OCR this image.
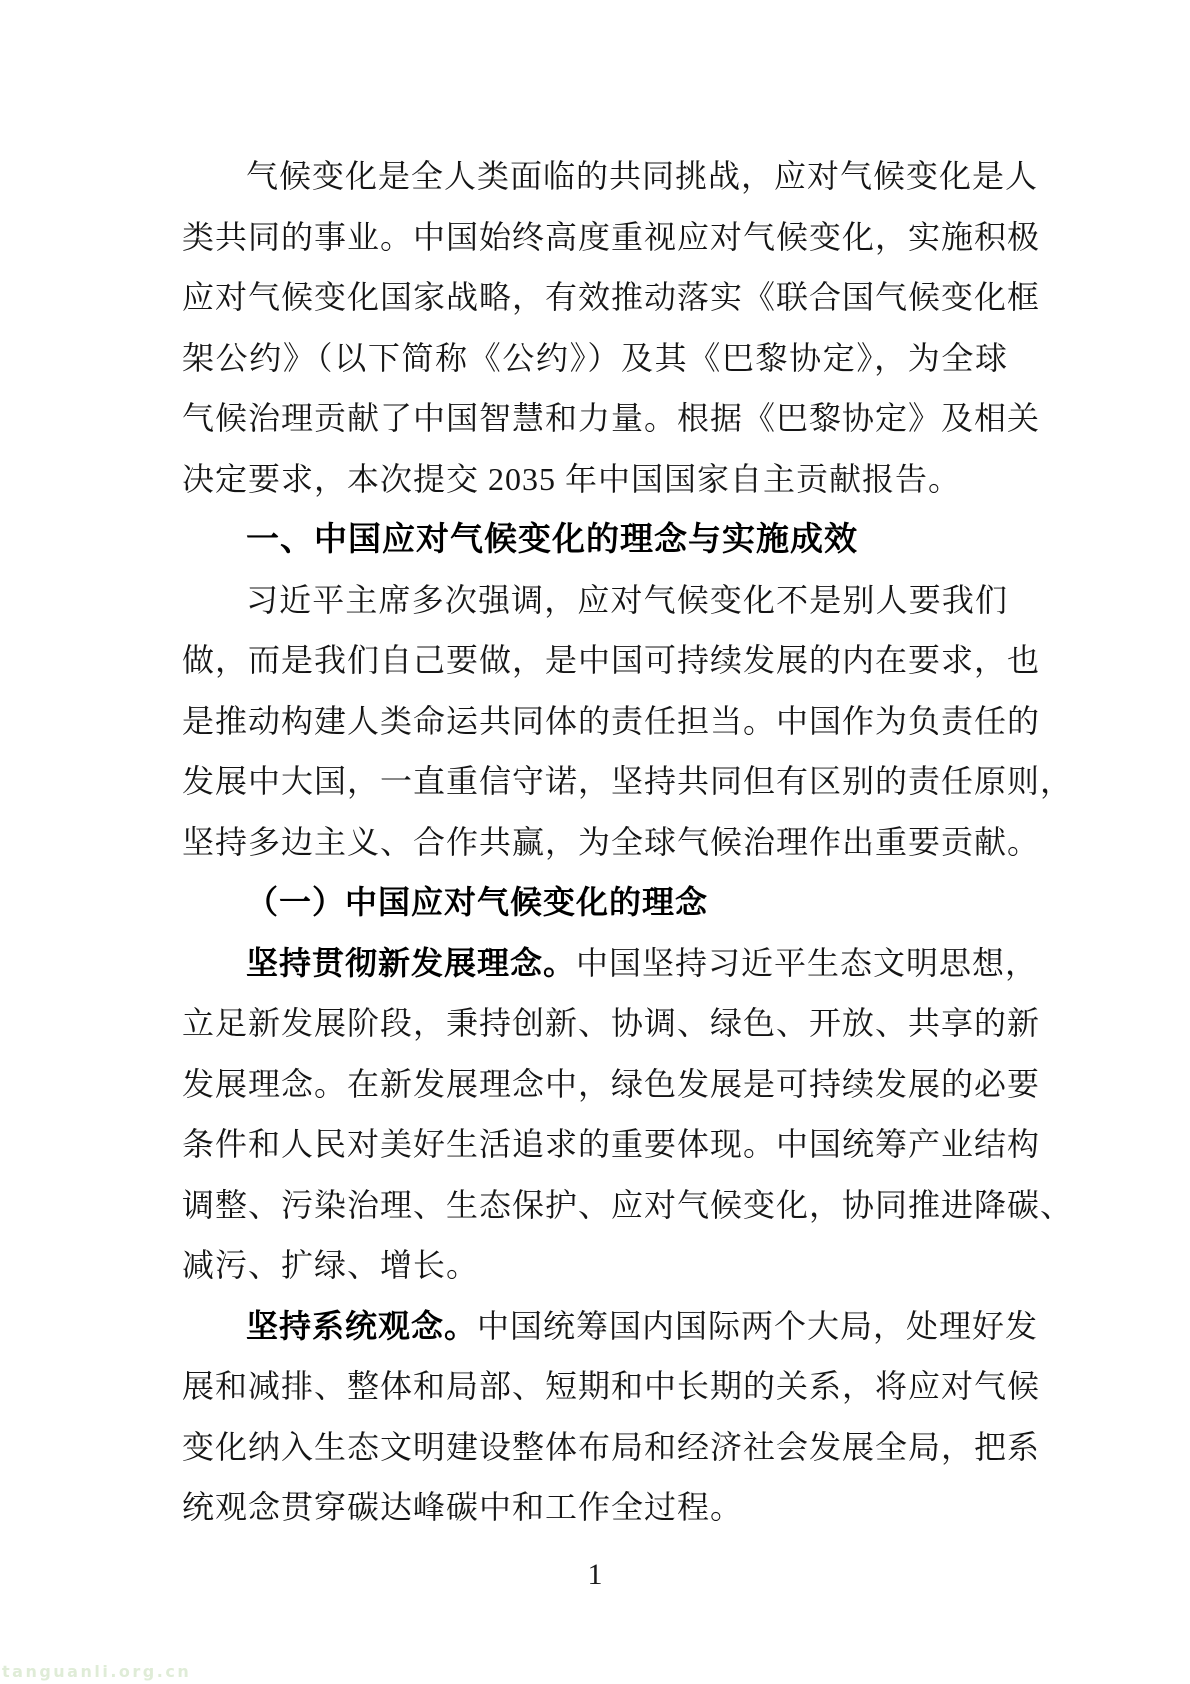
气候变化是全人类面临的共同挑战，应对气候变化是人
类共同的事业。中国始终高度重视应对气候变化，实施积极
应对气候变化国家战略，有效推动落实《联合国气候变化框
架公约》（以下简称《公约》）及其《巴黎协定》，为全球
气候治理贡献了中国智慧和力量。根据《巴黎协定》及相关
决定要求，本次提交 2035 年中国国家自主贡献报告。
一、中国应对气候变化的理念与实施成效
习近平主席多次强调，应对气候变化不是别人要我们
做，而是我们自己要做，是中国可持续发展的内在要求，也
是推动构建人类命运共同体的责任担当。中国作为负责任的
发展中大国，一直重信守诺，坚持共同但有区别的责任原则，
坚持多边主义、合作共赢，为全球气候治理作出重要贡献。
（一）中国应对气候变化的理念
坚持贯彻新发展理念。中国坚持习近平生态文明思想，
立足新发展阶段，秉持创新、协调、绿色、开放、共享的新
发展理念。在新发展理念中，绿色发展是可持续发展的必要
条件和人民对美好生活追求的重要体现。中国统筹产业结构
调整、污染治理、生态保护、应对气候变化，协同推进降碳、
减污、扩绿、增长。
坚持系统观念。中国统筹国内国际两个大局，处理好发
展和减排、整体和局部、短期和中长期的关系，将应对气候
变化纳入生态文明建设整体布局和经济社会发展全局，把系
统观念贯穿碳达峰碳中和工作全过程。
1
tanguanli.org.cn
